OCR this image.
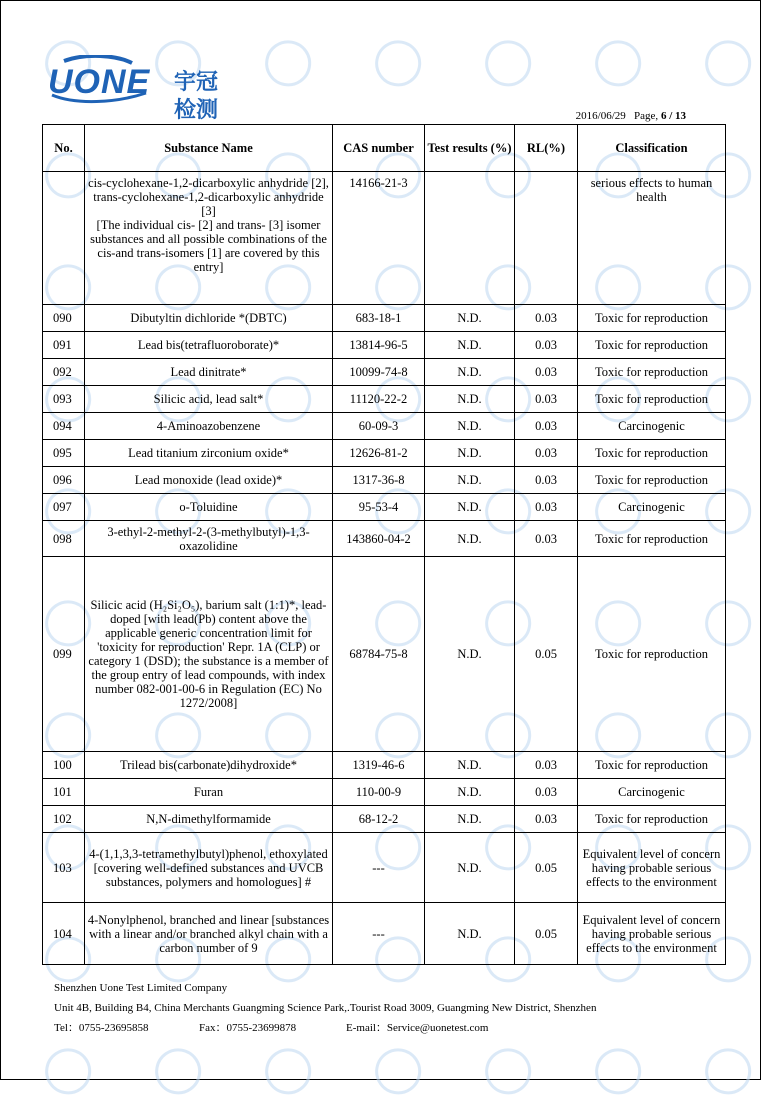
UONE 宇冠检测	2016/06/29 Page, 6 / 13
No.	Substance Name	CAS number	Test results (%)	RL(%)	Classification
	cis-cyclohexane-1,2-dicarboxylic anhydride [2],
trans-cyclohexane-1,2-dicarboxylic anhydride [3]
[The individual cis- [2] and trans- [3] isomer substances and all possible combinations of the cis-and trans-isomers [1] are covered by this entry]	14166-21-3			serious effects to human health
090	Dibutyltin dichloride *(DBTC)	683-18-1	N.D.	0.03	Toxic for reproduction
091	Lead bis(tetrafluoroborate)*	13814-96-5	N.D.	0.03	Toxic for reproduction
092	Lead dinitrate*	10099-74-8	N.D.	0.03	Toxic for reproduction
093	Silicic acid, lead salt*	11120-22-2	N.D.	0.03	Toxic for reproduction
094	4-Aminoazobenzene	60-09-3	N.D.	0.03	Carcinogenic
095	Lead titanium zirconium oxide*	12626-81-2	N.D.	0.03	Toxic for reproduction
096	Lead monoxide (lead oxide)*	1317-36-8	N.D.	0.03	Toxic for reproduction
097	o-Toluidine	95-53-4	N.D.	0.03	Carcinogenic
098	3-ethyl-2-methyl-2-(3-methylbutyl)-1,3-oxazolidine	143860-04-2	N.D.	0.03	Toxic for reproduction
099	Silicic acid (H₂Si₂O₅), barium salt (1:1)*, lead-doped [with lead(Pb) content above the applicable generic concentration limit for 'toxicity for reproduction' Repr. 1A (CLP) or category 1 (DSD); the substance is a member of the group entry of lead compounds, with index number 082-001-00-6 in Regulation (EC) No 1272/2008]	68784-75-8	N.D.	0.05	Toxic for reproduction
100	Trilead bis(carbonate)dihydroxide*	1319-46-6	N.D.	0.03	Toxic for reproduction
101	Furan	110-00-9	N.D.	0.03	Carcinogenic
102	N,N-dimethylformamide	68-12-2	N.D.	0.03	Toxic for reproduction
103	4-(1,1,3,3-tetramethylbutyl)phenol, ethoxylated [covering well-defined substances and UVCB substances, polymers and homologues] #	---	N.D.	0.05	Equivalent level of concern having probable serious effects to the environment
104	4-Nonylphenol, branched and linear [substances with a linear and/or branched alkyl chain with a carbon number of 9	---	N.D.	0.05	Equivalent level of concern having probable serious effects to the environment
Shenzhen Uone Test Limited Company
Unit 4B, Building B4, China Merchants Guangming Science Park,.Tourist Road 3009, Guangming New District, Shenzhen
Tel：0755-23695858	Fax：0755-23699878	E-mail：Service@uonetest.com
